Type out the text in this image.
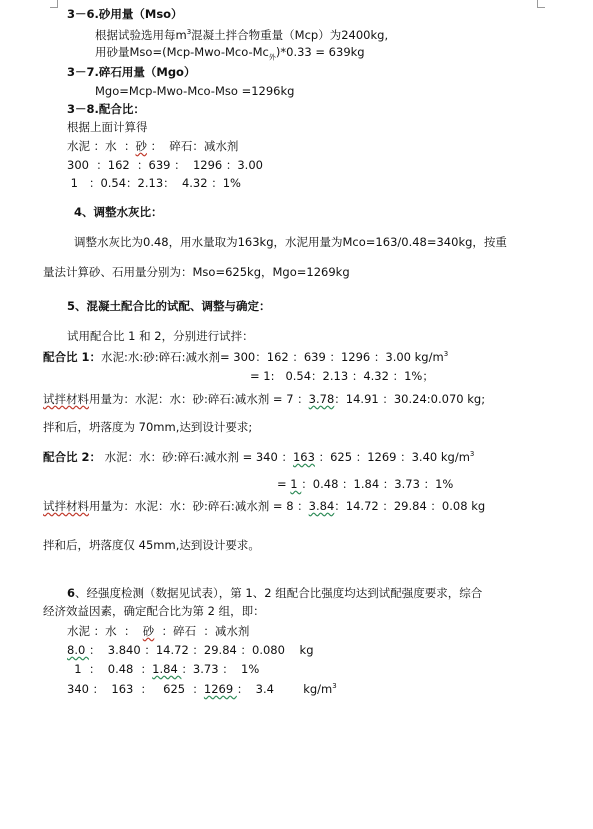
3－6.砂用量（Mso）
根据试验选用每$m^3$混凝土拌合物重量（Mcp）为2400kg,
用砂量$Mso=(Mcp-Mwo-Mco-Mc_外)*0.33 = 639kg$
3－7.碎石用量（Mgo）
Mgo=Mcp-Mwo-Mco-Mso =1296kg
3－8.配合比：
根据上面计算得
水泥 ：水  ：砂 ：  碎石：减水剂
300  ：162  ：639 ：  1296 ：3.00
1   ：0.54：2.13：  4.32 ：1%
4、调整水灰比：
调整水灰比为0.48，用水量取为163kg，水泥用量为Mco=163/0.48=340kg，按重
量法计算砂、石用量分别为：Mso=625kg，Mgo=1269kg
5、混凝土配合比的试配、调整与确定：
试用配合比 1 和 2，分别进行试拌：
配合比 1：水泥:水:砂:碎石:减水剂= 300：162 ：639 ：1296 ：3.00 $kg/m^3$
= 1:   0.54：2.13 ：4.32 ：1%；
试拌材料用量为：水泥：水：砂:碎石:减水剂 = 7 ：3.78：14.91 ：30.24:0.070 kg;
拌和后，坍落度为 70mm,达到设计要求;
配合比 2： 水泥：水：砂:碎石:减水剂 = 340 ：163 ：625 ：1269 ：3.40 $kg/m^3$
= 1 ：0.48 ：1.84 ：3.73 ：1%
试拌材料用量为：水泥：水：砂:碎石:减水剂 = 8 ：3.84：14.72 ：29.84 ：0.08 kg
拌和后，坍落度仅 45mm,达到设计要求。
6、经强度检测（数据见试表），第 1、2 组配合比强度均达到试配强度要求，综合
经济效益因素，确定配合比为第 2 组，即：
水泥 ：水  ：  砂  ：碎石  ：减水剂
8.0 ：  3.840 ：14.72 ：29.84 ：0.080    kg
1  ：  0.48  ：1.84 ：3.73 ：  1%
340 ：  163  ：   625  ：1269 ：  3.4        $kg/m^3$
